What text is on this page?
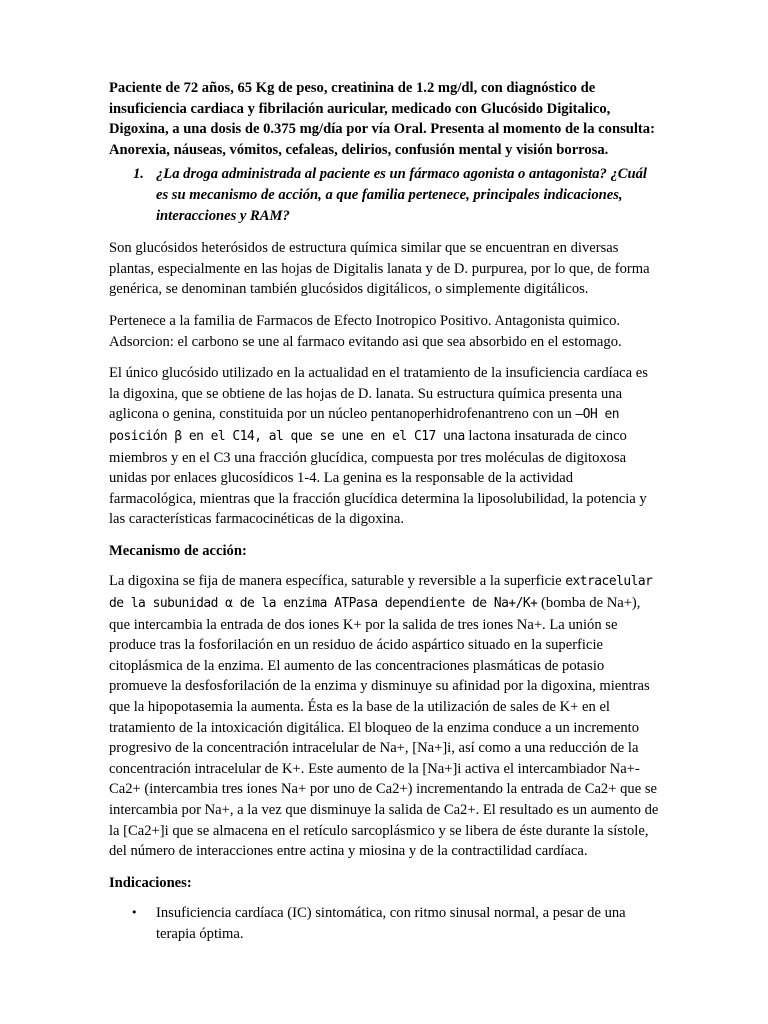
Paciente de 72 años, 65 Kg de peso, creatinina de 1.2 mg/dl, con diagnóstico de insuficiencia cardiaca y fibrilación auricular, medicado con Glucósido Digitalico, Digoxina, a una dosis de 0.375 mg/día por vía Oral. Presenta al momento de la consulta: Anorexia, náuseas, vómitos, cefaleas, delirios, confusión mental y visión borrosa.

1. ¿La droga administrada al paciente es un fármaco agonista o antagonista? ¿Cuál es su mecanismo de acción, a que familia pertenece, principales indicaciones, interacciones y RAM?

Son glucósidos heterósidos de estructura química similar que se encuentran en diversas plantas, especialmente en las hojas de Digitalis lanata y de D. purpurea, por lo que, de forma genérica, se denominan también glucósidos digitálicos, o simplemente digitálicos.

Pertenece a la familia de Farmacos de Efecto Inotropico Positivo. Antagonista quimico. Adsorcion: el carbono se une al farmaco evitando asi que sea absorbido en el estomago.

El único glucósido utilizado en la actualidad en el tratamiento de la insuficiencia cardíaca es la digoxina, que se obtiene de las hojas de D. lanata. Su estructura química presenta una aglicona o genina, constituida por un núcleo pentanoperhidrofenantreno con un –OH en posición β en el C14, al que se une en el C17 una lactona insaturada de cinco miembros y en el C3 una fracción glucídica, compuesta por tres moléculas de digitoxosa unidas por enlaces glucosídicos 1-4. La genina es la responsable de la actividad farmacológica, mientras que la fracción glucídica determina la liposolubilidad, la potencia y las características farmacocinéticas de la digoxina.

Mecanismo de acción:

La digoxina se fija de manera específica, saturable y reversible a la superficie extracelular de la subunidad α de la enzima ATPasa dependiente de Na+/K+ (bomba de Na+), que intercambia la entrada de dos iones K+ por la salida de tres iones Na+. La unión se produce tras la fosforilación en un residuo de ácido aspártico situado en la superficie citoplásmica de la enzima. El aumento de las concentraciones plasmáticas de potasio promueve la desfosforilación de la enzima y disminuye su afinidad por la digoxina, mientras que la hipopotasemia la aumenta. Ésta es la base de la utilización de sales de K+ en el tratamiento de la intoxicación digitálica. El bloqueo de la enzima conduce a un incremento progresivo de la concentración intracelular de Na+, [Na+]i, así como a una reducción de la concentración intracelular de K+. Este aumento de la [Na+]i activa el intercambiador Na+-Ca2+ (intercambia tres iones Na+ por uno de Ca2+) incrementando la entrada de Ca2+ que se intercambia por Na+, a la vez que disminuye la salida de Ca2+. El resultado es un aumento de la [Ca2+]i que se almacena en el retículo sarcoplásmico y se libera de éste durante la sístole, del número de interacciones entre actina y miosina y de la contractilidad cardíaca.

Indicaciones:
•	Insuficiencia cardíaca (IC) sintomática, con ritmo sinusal normal, a pesar de una terapia óptima.
